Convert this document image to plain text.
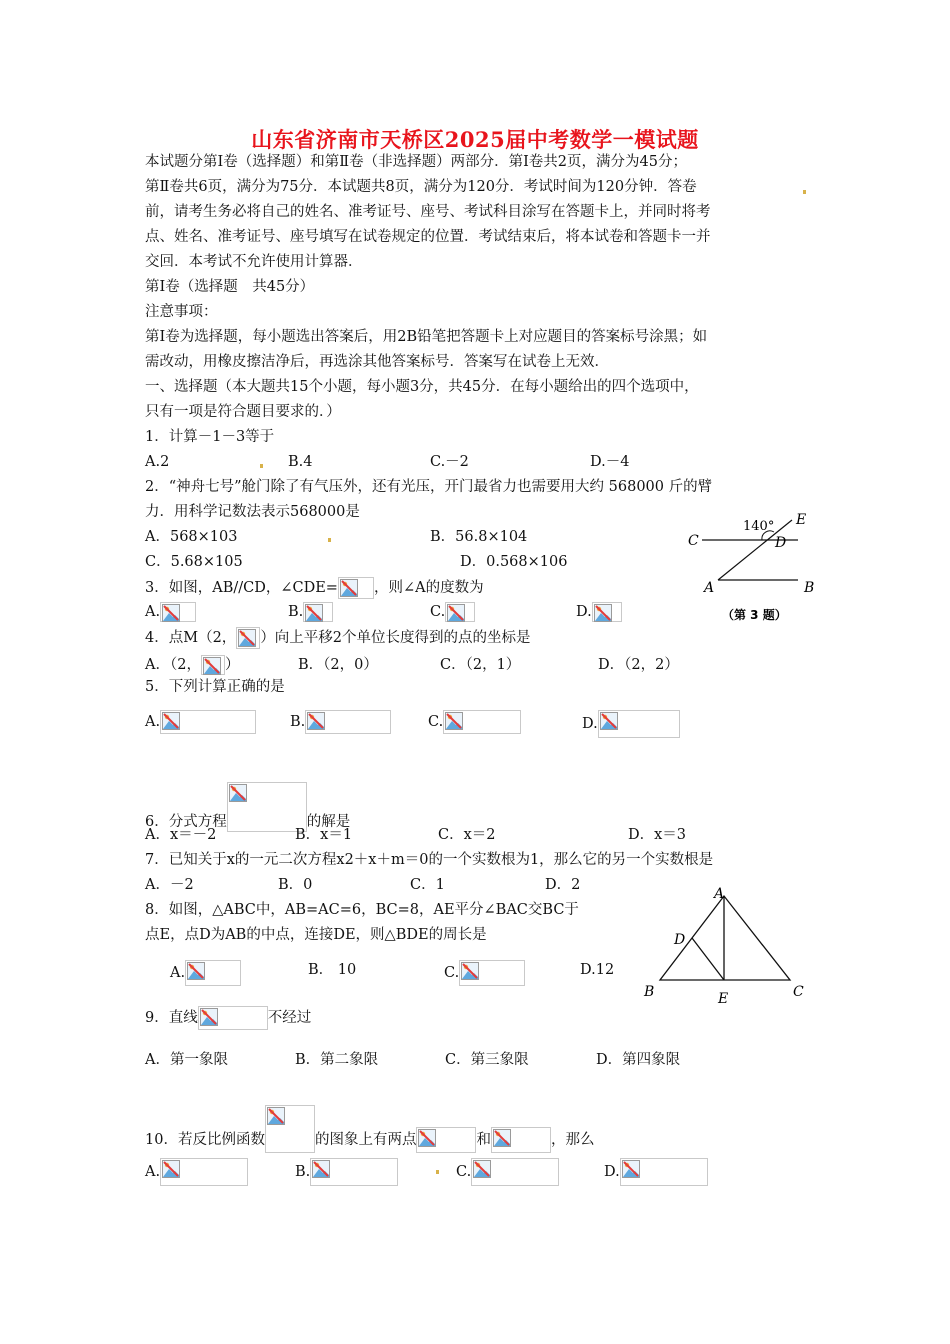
山东省济南市天桥区2025届中考数学一模试题
本试题分第Ⅰ卷（选择题）和第Ⅱ卷（非选择题）两部分．第Ⅰ卷共2页，满分为45分；
第Ⅱ卷共6页，满分为75分．本试题共8页，满分为120分．考试时间为120分钟．答卷
前，请考生务必将自己的姓名、准考证号、座号、考试科目涂写在答题卡上，并同时将考
点、姓名、准考证号、座号填写在试卷规定的位置．考试结束后，将本试卷和答题卡一并
交回．本考试不允许使用计算器．
第Ⅰ卷（选择题　共45分）
注意事项：
第Ⅰ卷为选择题，每小题选出答案后，用2B铅笔把答题卡上对应题目的答案标号涂黑；如
需改动，用橡皮擦洁净后，再选涂其他答案标号．答案写在试卷上无效．
一、选择题（本大题共15个小题，每小题3分，共45分．在每小题给出的四个选项中，
只有一项是符合题目要求的．）
1．计算－1－3等于
A.2	B.4	C.－2	D.－4
2．“神舟七号”舱门除了有气压外，还有光压，开门最省力也需要用大约 568000 斤的臂
力．用科学记数法表示568000是
A．568×103	B．56.8×104
C．5.68×105	D．0.568×106
140°
C	D
E
A	B
（第 3 题）
3．如图，AB//CD，∠CDE= ，则∠A的度数为
A.	B.	C.	D.
4．点M（2， ）向上平移2个单位长度得到的点的坐标是
A．（2， ）	B．（2，0）	C．（2，1）	D．（2，2）
5．下列计算正确的是
A.	B.	C.	D.
6．分式方程	的解是
A．x＝－2	B．x＝1	C．x＝2	D．x＝3
7．已知关于x的一元二次方程x2＋x＋m＝0的一个实数根为1，那么它的另一个实数根是
A．－2	B．0	C．1	D．2
A
D
B	E	C
8．如图，△ABC中，AB=AC=6，BC=8，AE平分∠BAC交BC于
点E，点D为AB的中点，连接DE，则△BDE的周长是
A.	B． 10	C.	D.12
9．直线	不经过
A．第一象限	B．第二象限	C．第三象限	D．第四象限
10．若反比例函数	的图象上有两点	和	，那么
A.	B.	C.	D.
